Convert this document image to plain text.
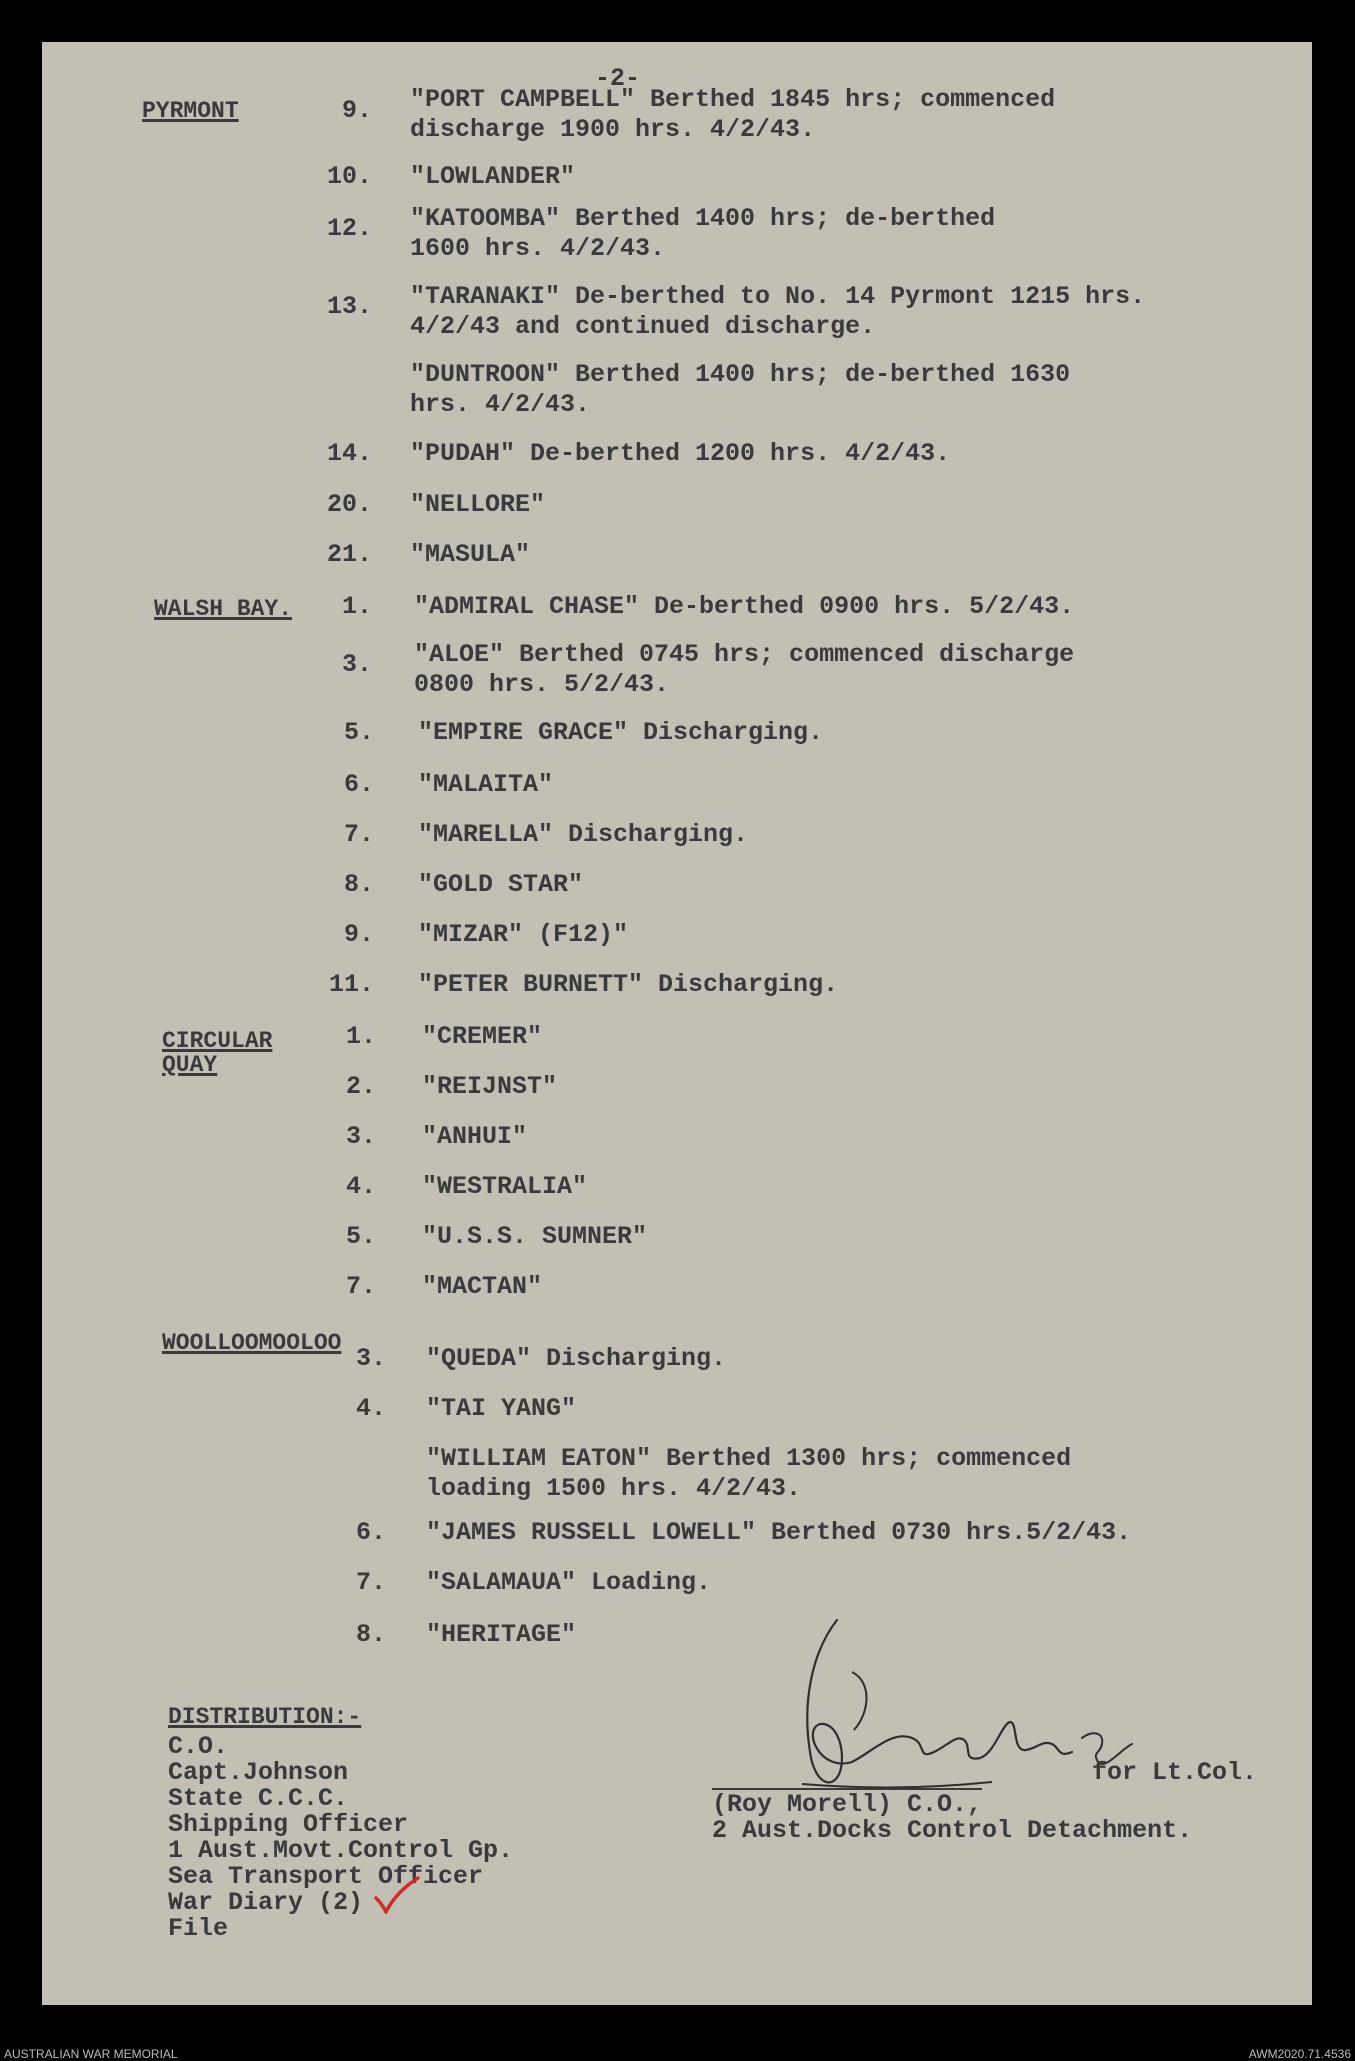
-2-
PYRMONT
WALSH BAY.
CIRCULAR
QUAY
WOOLLOOMOOLOO
9. "PORT CAMPBELL" Berthed 1845 hrs; commenced
discharge 1900 hrs. 4/2/43.
10. "LOWLANDER"
12. "KATOOMBA" Berthed 1400 hrs; de-berthed
1600 hrs. 4/2/43.
13. "TARANAKI" De-berthed to No. 14 Pyrmont 1215 hrs.
4/2/43 and continued discharge.
"DUNTROON" Berthed 1400 hrs; de-berthed 1630
hrs. 4/2/43.
14. "PUDAH" De-berthed 1200 hrs. 4/2/43.
20. "NELLORE"
21. "MASULA"
1. "ADMIRAL CHASE" De-berthed 0900 hrs. 5/2/43.
3. "ALOE" Berthed 0745 hrs; commenced discharge
0800 hrs. 5/2/43.
5. "EMPIRE GRACE" Discharging.
6. "MALAITA"
7. "MARELLA" Discharging.
8. "GOLD STAR"
9. "MIZAR" (F12)"
11. "PETER BURNETT" Discharging.
1. "CREMER"
2. "REIJNST"
3. "ANHUI"
4. "WESTRALIA"
5. "U.S.S. SUMNER"
7. "MACTAN"
3. "QUEDA" Discharging.
4. "TAI YANG"
"WILLIAM EATON" Berthed 1300 hrs; commenced
loading 1500 hrs. 4/2/43.
6. "JAMES RUSSELL LOWELL" Berthed 0730 hrs.5/2/43.
7. "SALAMAUA" Loading.
8. "HERITAGE"
DISTRIBUTION:-
C.O.
Capt.Johnson
State C.C.C.
Shipping Officer
1 Aust.Movt.Control Gp.
Sea Transport Officer
War Diary (2)
File
for Lt.Col.
(Roy Morell) C.O.,
2 Aust.Docks Control Detachment.
AUSTRALIAN WAR MEMORIAL	AWM2020.71.4536
